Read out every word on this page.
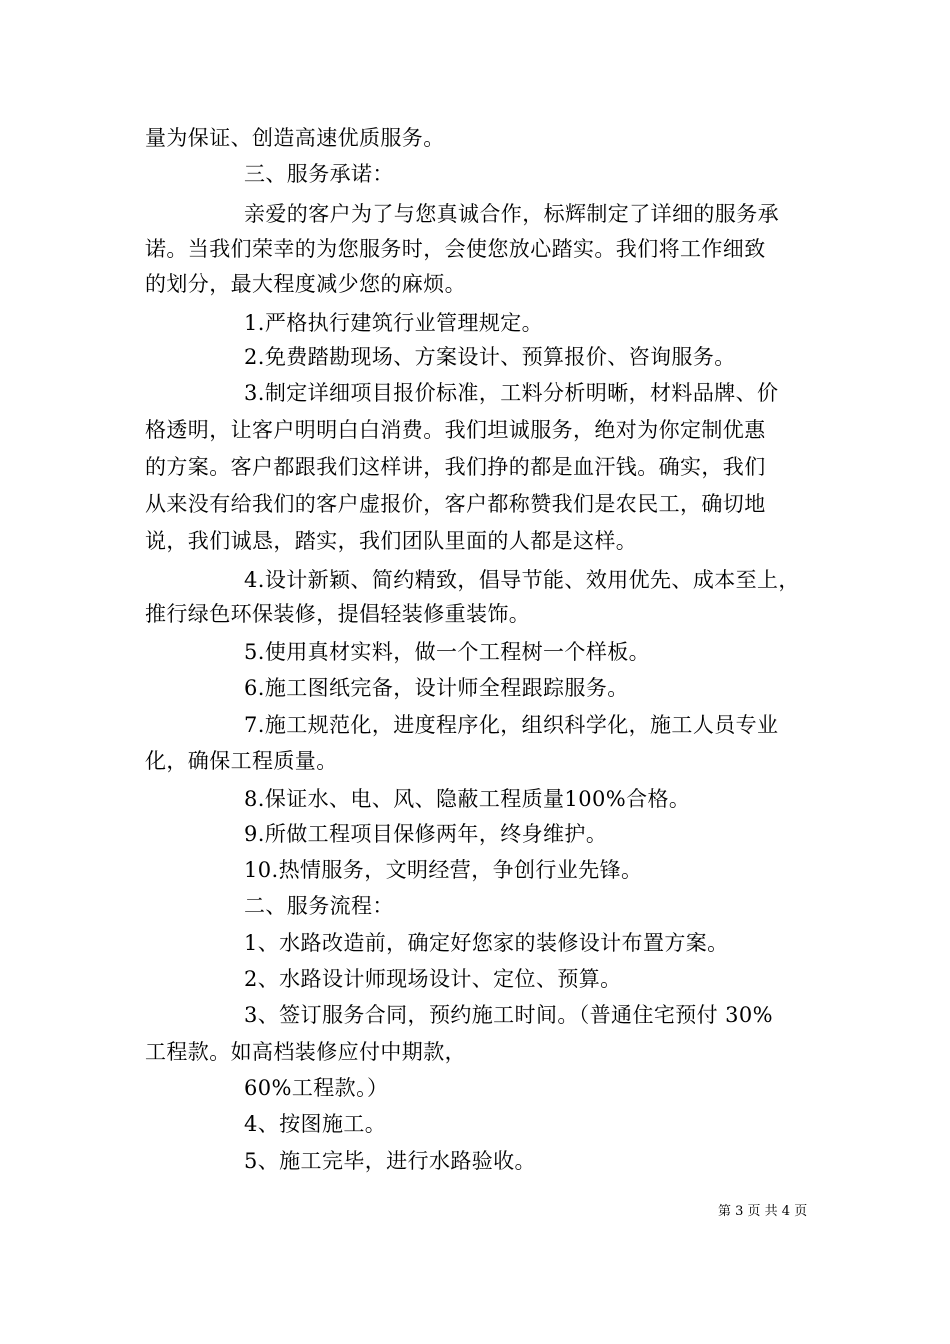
量为保证、创造高速优质服务。
三、服务承诺：
亲爱的客户为了与您真诚合作，标辉制定了详细的服务承
诺。当我们荣幸的为您服务时，会使您放心踏实。我们将工作细致
的划分，最大程度减少您的麻烦。
1.严格执行建筑行业管理规定。
2.免费踏勘现场、方案设计、预算报价、咨询服务。
3.制定详细项目报价标准，工料分析明晰，材料品牌、价
格透明，让客户明明白白消费。我们坦诚服务，绝对为你定制优惠
的方案。客户都跟我们这样讲，我们挣的都是血汗钱。确实，我们
从来没有给我们的客户虚报价，客户都称赞我们是农民工，确切地
说，我们诚恳，踏实，我们团队里面的人都是这样。
4.设计新颖、简约精致，倡导节能、效用优先、成本至上，
推行绿色环保装修，提倡轻装修重装饰。
5.使用真材实料，做一个工程树一个样板。
6.施工图纸完备，设计师全程跟踪服务。
7.施工规范化，进度程序化，组织科学化，施工人员专业
化，确保工程质量。
8.保证水、电、风、隐蔽工程质量100%合格。
9.所做工程项目保修两年，终身维护。
10.热情服务，文明经营，争创行业先锋。
二、服务流程：
1、水路改造前，确定好您家的装修设计布置方案。
2、水路设计师现场设计、定位、预算。
3、签订服务合同，预约施工时间。（普通住宅预付 30%
工程款。如高档装修应付中期款，
60%工程款。）
4、按图施工。
5、施工完毕，进行水路验收。
第 3 页 共 4 页
